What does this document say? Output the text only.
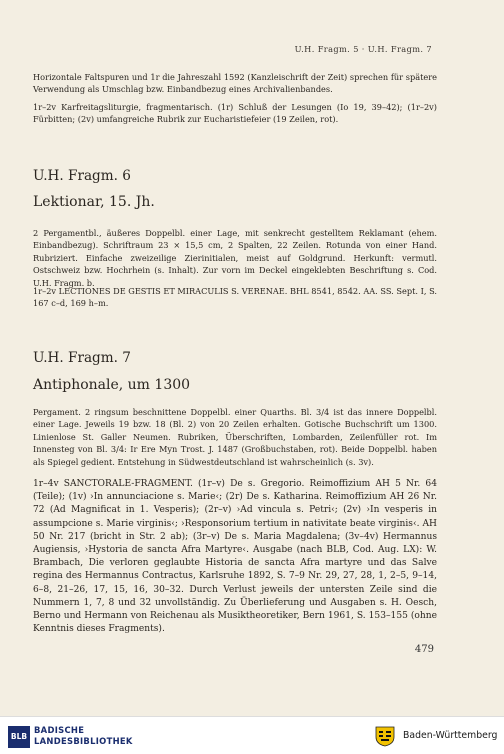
U.H. Fragm. 5 · U.H. Fragm. 7

Horizontale Faltspuren und 1r die Jahreszahl 1592 (Kanzleischrift der Zeit) sprechen für spätere Verwendung als Umschlag bzw. Einbandbezug eines Archivalienbandes.

1r–2v Karfreitagsliturgie, fragmentarisch. (1r) Schluß der Lesungen (Io 19, 39–42); (1r–2v) Fürbitten; (2v) umfangreiche Rubrik zur Eucharistiefeier (19 Zeilen, rot).

U.H. Fragm. 6
Lektionar, 15. Jh.

2 Pergamentbl., äußeres Doppelbl. einer Lage, mit senkrecht gestelltem Reklamant (ehem. Einbandbezug). Schriftraum 23 × 15,5 cm, 2 Spalten, 22 Zeilen. Rotunda von einer Hand. Rubriziert. Einfache zweizeilige Zierinitialen, meist auf Goldgrund. Herkunft: vermutl. Ostschweiz bzw. Hochrhein (s. Inhalt). Zur vorn im Deckel eingeklebten Beschriftung s. Cod. U.H. Fragm. b.

1r–2v LECTIONES DE GESTIS ET MIRACULIS S. VERENAE. BHL 8541, 8542. AA. SS. Sept. I, S. 167 c–d, 169 h–m.

U.H. Fragm. 7
Antiphonale, um 1300

Pergament. 2 ringsum beschnittene Doppelbl. einer Quarths. Bl. 3/4 ist das innere Doppelbl. einer Lage. Jeweils 19 bzw. 18 (Bl. 2) von 20 Zeilen erhalten. Gotische Buchschrift um 1300. Linienlose St. Galler Neumen. Rubriken, Überschriften, Lombarden, Zeilenfüller rot. Im Innensteg von Bl. 3/4: Ir Ere Myn Trost. J. 1487 (Großbuchstaben, rot). Beide Doppelbl. haben als Spiegel gedient. Entstehung in Südwestdeutschland ist wahrscheinlich (s. 3v).

1r–4v SANCTORALE-FRAGMENT. (1r–v) De s. Gregorio. Reimoffizium AH 5 Nr. 64 (Teile); (1v) ›In annunciacione s. Marie‹; (2r) De s. Katharina. Reimoffizium AH 26 Nr. 72 (Ad Magnificat in 1. Vesperis); (2r–v) ›Ad vincula s. Petri‹; (2v) ›In vesperis in assumpcione s. Marie virginis‹; ›Responsorium tertium in nativitate beate virginis‹. AH 50 Nr. 217 (bricht in Str. 2 ab); (3r–v) De s. Maria Magdalena; (3v–4v) Hermannus Augiensis, ›Hystoria de sancta Afra Martyre‹. Ausgabe (nach BLB, Cod. Aug. LX): W. Brambach, Die verloren geglaubte Historia de sancta Afra martyre und das Salve regina des Hermannus Contractus, Karlsruhe 1892, S. 7–9 Nr. 29, 27, 28, 1, 2–5, 9–14, 6–8, 21–26, 17, 15, 16, 30–32. Durch Verlust jeweils der untersten Zeile sind die Nummern 1, 7, 8 und 32 unvollständig. Zu Überlieferung und Ausgaben s. H. Oesch, Berno und Hermann von Reichenau als Musiktheoretiker, Bern 1961, S. 153–155 (ohne Kenntnis dieses Fragments).

479
BLB
BADISCHE
LANDESBIBLIOTHEK	Baden-Württemberg
